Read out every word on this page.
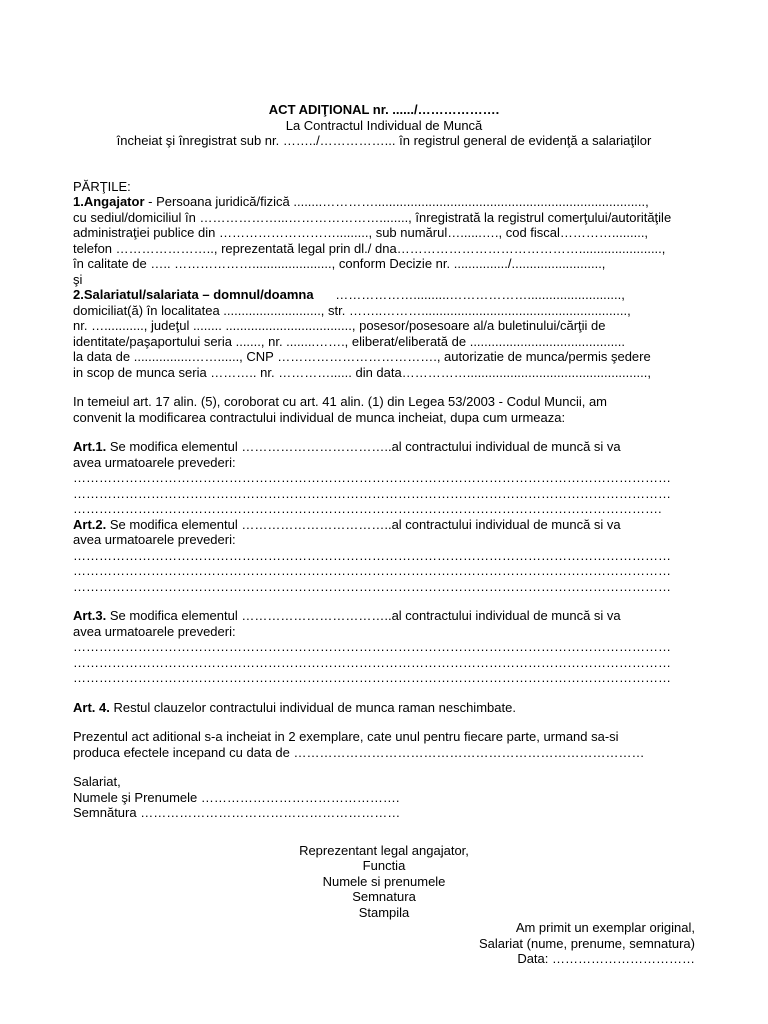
ACT ADIŢIONAL nr. ....../……………….
La Contractul Individual de Muncă
încheiat şi înregistrat sub nr. ……../……………... în registrul general de evidenţă a salariaţilor
PĂRŢILE:
1.Angajator - Persoana juridică/fizică ........…………...........................................................................,
cu sediul/domiciliul în ………………...…………………........, înregistrată la registrul comerţului/autorităţile
administraţiei publice din ………………………........., sub numărul…......…., cod fiscal………….........,
telefon ………………….., reprezentată legal prin dl./ dna…………………………………….......................,
în calitate de ….. ………………......................, conform Decizie nr. .............../.........................,
şi
2.Salariatul/salariata – domnul/doamna ………………..........………………..........................,
domiciliat(ă) în localitatea ..........................., str. ……..……….........................................................,
nr. …..........., judeţul ........ ..................................., posesor/posesoare al/a buletinului/cărţii de
identitate/paşaportului seria ......., nr. ........……., eliberat/eliberată de ...........................................
la data de ................……......, CNP ………………………………., autorizatie de munca/permis şedere
in scop de munca seria ……….. nr. …………...... din data……………..................................................,
In temeiul art. 17 alin. (5), coroborat cu art. 41 alin. (1) din Legea 53/2003 - Codul Muncii, am
convenit la modificarea contractului individual de munca incheiat, dupa cum urmeaza:
Art.1. Se modifica elementul ……………………………..al contractului individual de muncă si va
avea urmatoarele prevederi:
…………………………………………………………………………………………………………………………
…………………………………………………………………………………………………………………………
……………………………………………………………………………………………………………………….
Art.2. Se modifica elementul ……………………………..al contractului individual de muncă si va
avea urmatoarele prevederi:
…………………………………………………………………………………………………………………………
…………………………………………………………………………………………………………………………
…………………………………………………………………………………………………………………………
Art.3. Se modifica elementul ……………………………..al contractului individual de muncă si va
avea urmatoarele prevederi:
…………………………………………………………………………………………………………………………
…………………………………………………………………………………………………………………………
…………………………………………………………………………………………………………………………
Art. 4. Restul clauzelor contractului individual de munca raman neschimbate.
Prezentul act aditional s-a incheiat in 2 exemplare, cate unul pentru fiecare parte, urmand sa-si
produca efectele incepand cu data de ………………………………………………………………………
Salariat,
Numele şi Prenumele ……………………………………….
Semnătura ……………………………………………………
Reprezentant legal angajator,
Functia
Numele si prenumele
Semnatura
Stampila
Am primit un exemplar original,
Salariat (nume, prenume, semnatura)
Data: ……………………………
